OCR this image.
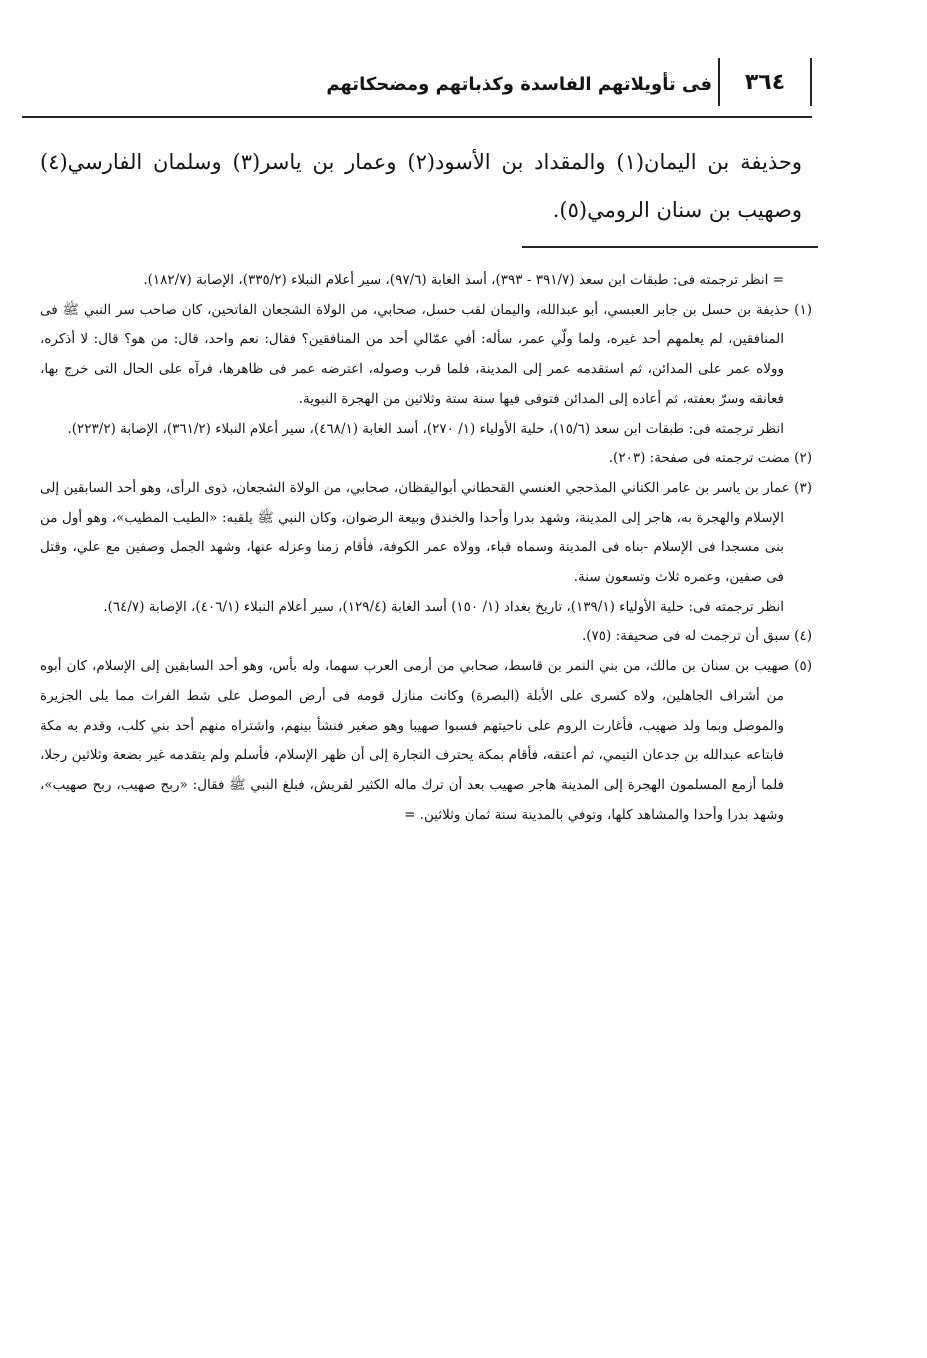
٣٦٤
فى تأويلاتهم الفاسدة وكذباتهم ومضحكاتهم
وحذيفة بن اليمان(١) والمقداد بن الأسود(٢) وعمار بن ياسر(٣) وسلمان الفارسي(٤) وصهيب بن سنان الرومي(٥).

= انظر ترجمته فى: طبقات ابن سعد (٣٩١/٧ - ٣٩٣)، أسد الغابة (٩٧/٦)، سير أعلام النبلاء (٣٣٥/٢)، الإصابة (١٨٢/٧).

(١) حذيفة بن حسل بن جابر العبسي، أبو عبدالله، واليمان لقب حسل، صحابي، من الولاة الشجعان الفاتحين، كان صاحب سر النبي ﷺ فى المنافقين، لم يعلمهم أحد غيره، ولما ولّي عمر، سأله: أفي عمّالي أحد من المنافقين؟ فقال: نعم واحد، قال: من هو؟ قال: لا أذكره، وولاه عمر على المدائن، ثم استقدمه عمر إلى المدينة، فلما قرب وصوله، اعترضه عمر فى ظاهرها، فرآه على الحال التى خرج بها، فعانقه وسرّ بعفته، ثم أعاده إلى المدائن فتوفى فيها سنة ستة وثلاثين من الهجرة النبوية.

انظر ترجمته فى: طبقات ابن سعد (١٥/٦)، حلية الأولياء (١/ ٢٧٠)، أسد الغابة (٤٦٨/١)، سير أعلام النبلاء (٣٦١/٢)، الإصابة (٢٢٣/٢).

(٢) مضت ترجمته فى صفحة: (٢٠٣).

(٣) عمار بن ياسر بن عامر الكناني المذحجي العنسي القحطاني أبواليقظان، صحابي، من الولاة الشجعان، ذوى الرأى، وهو أحد السابقين إلى الإسلام والهجرة به، هاجر إلى المدينة، وشهد بدرا وأحدا والخندق وبيعة الرضوان، وكان النبي ﷺ يلقبه: «الطيب المطيب»، وهو أول من بنى مسجدا فى الإسلام -بناه فى المدينة وسماه قباء، وولاه عمر الكوفة، فأقام زمنا وعزله عنها، وشهد الجمل وصفين مع علي، وقتل فى صفين، وعمره ثلاث وتسعون سنة.

انظر ترجمته فى: حلية الأولياء (١٣٩/١)، تاريخ بغداد (١/ ١٥٠) أسد الغابة (١٢٩/٤)، سير أعلام النبلاء (٤٠٦/١)، الإصابة (٦٤/٧).

(٤) سبق أن ترجمت له فى صحيفة: (٧٥).

(٥) صهيب بن سنان بن مالك، من بني النمر بن قاسط، صحابي من أرمى العرب سهما، وله بأس، وهو أحد السابقين إلى الإسلام، كان أبوه من أشراف الجاهلين، ولاه كسرى على الأبلة (البصرة) وكانت منازل قومه فى أرض الموصل على شط الفرات مما يلى الجزيرة والموصل وبما ولد صهيب، فأغارت الروم على ناحيتهم فسبوا صهيبا وهو صغير فنشأ بينهم، واشتراه منهم أحد بني كلب، وقدم به مكة فابتاعه عبدالله بن جدعان التيمي، ثم أعتقه، فأقام بمكة يحترف التجارة إلى أن ظهر الإسلام، فأسلم ولم يتقدمه غير بضعة وثلاثين رجلا، فلما أزمع المسلمون الهجرة إلى المدينة هاجر صهيب بعد أن ترك ماله الكثير لقريش، فبلغ النبي ﷺ فقال: «ربح صهيب، ربح صهيب»، وشهد بدرا وأحدا والمشاهد كلها، وتوفي بالمدينة سنة ثمان وثلاثين. =
